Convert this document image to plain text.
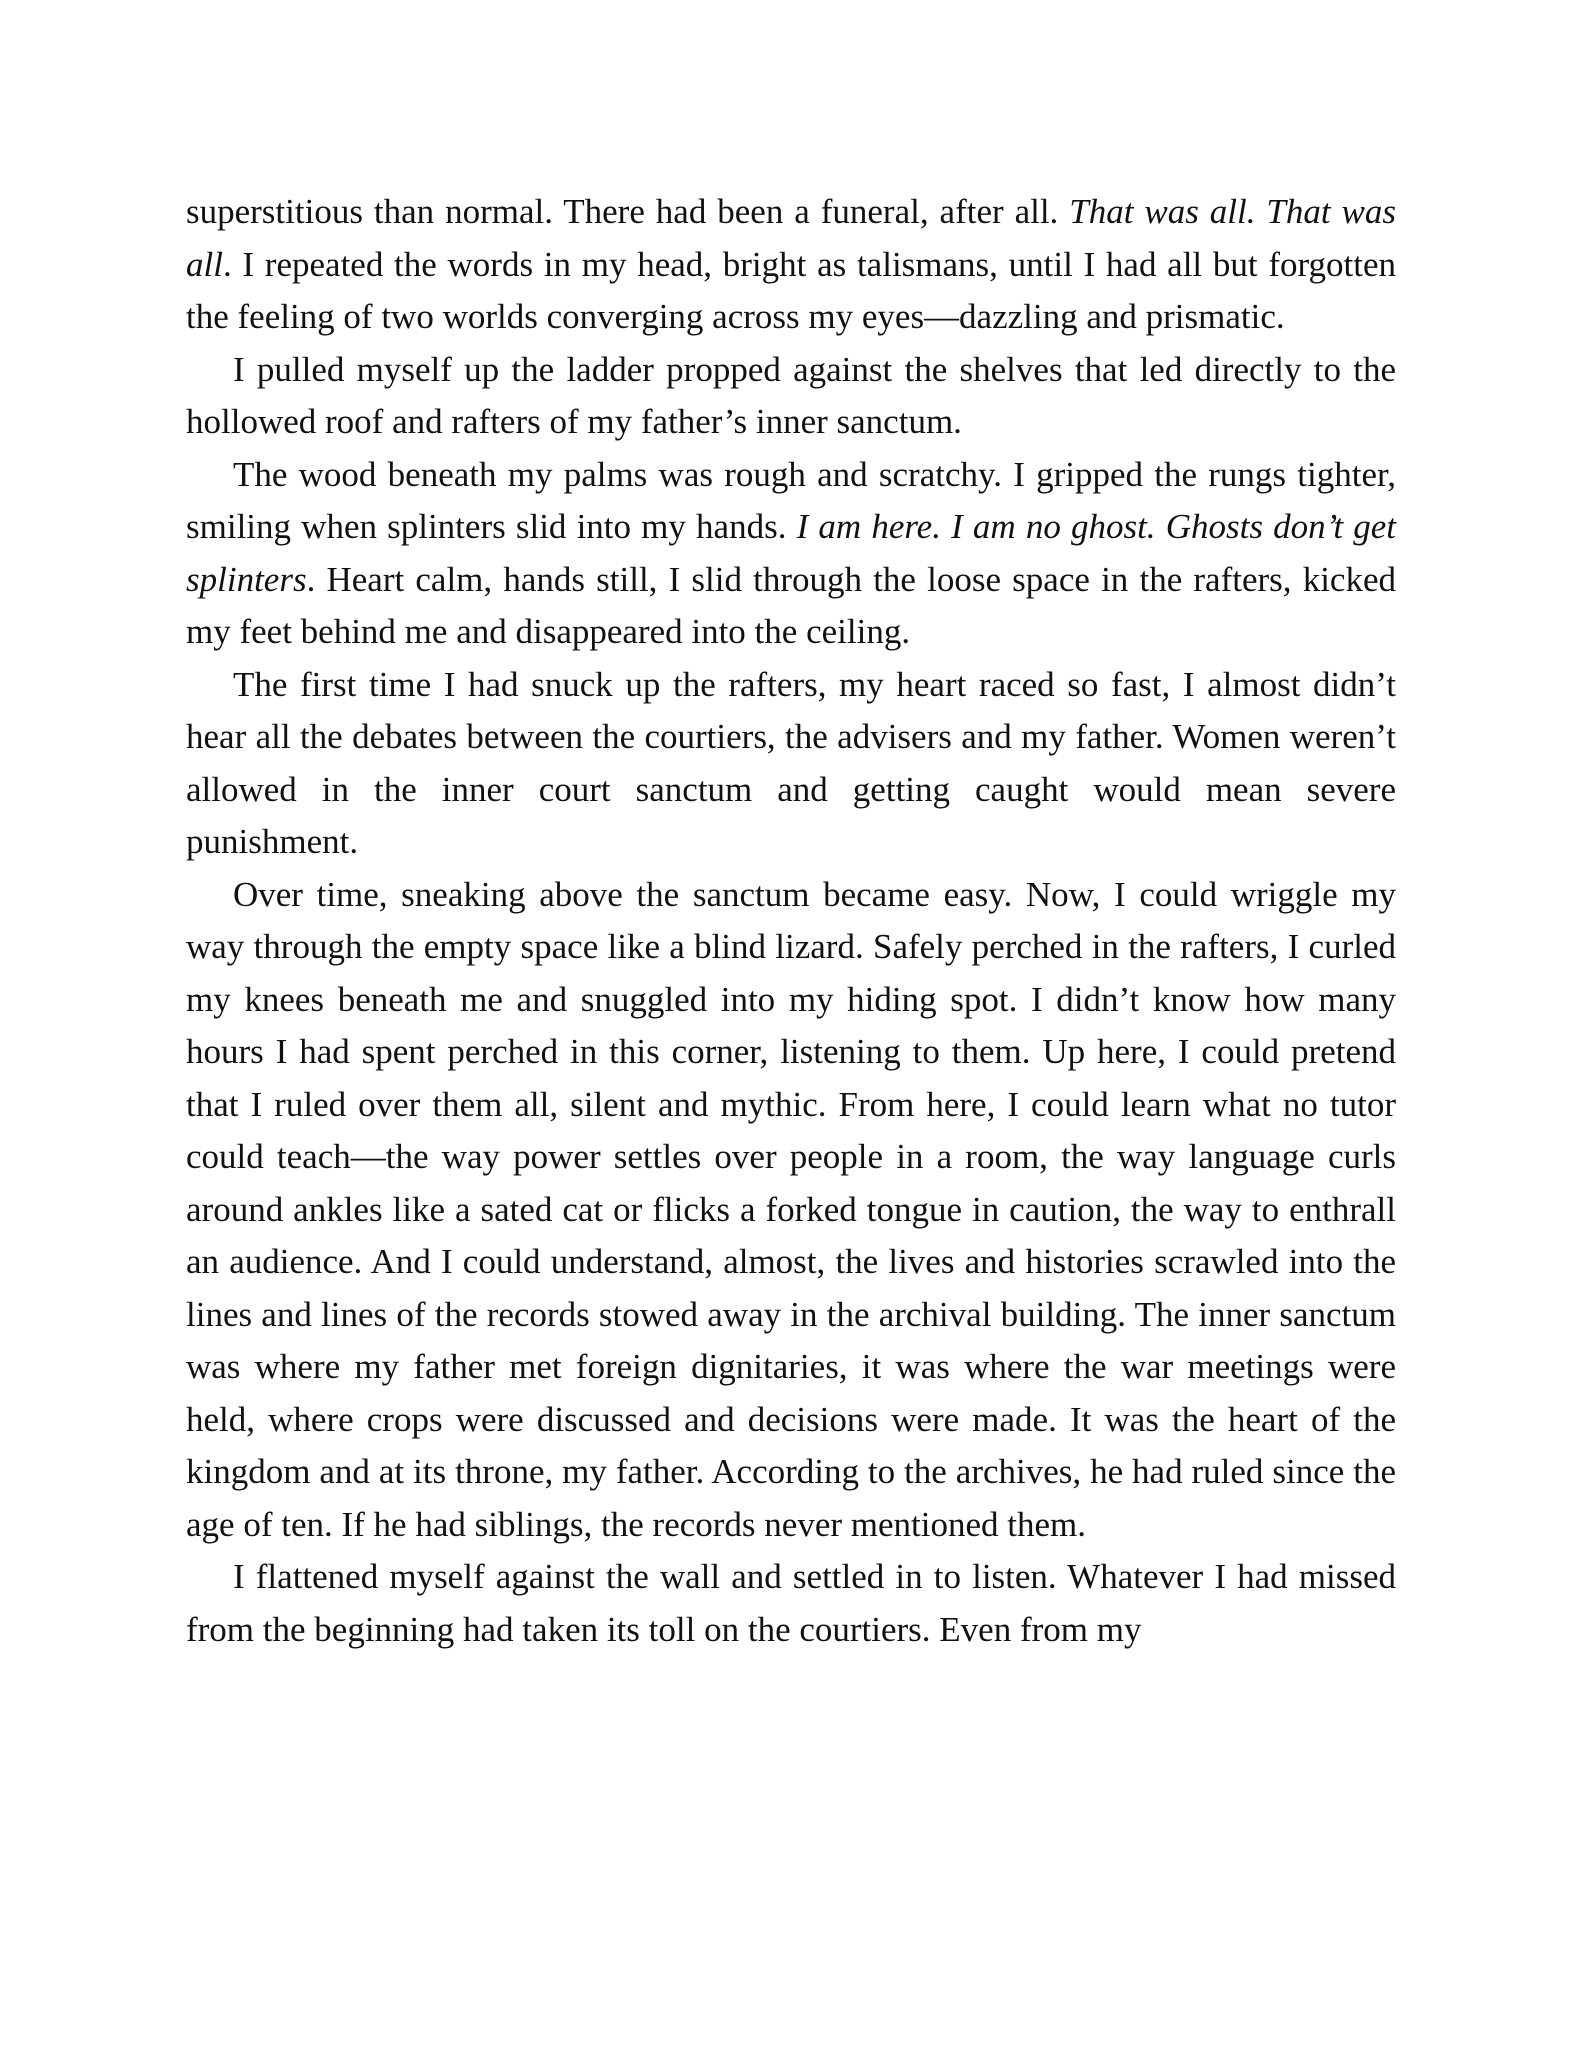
superstitious than normal. There had been a funeral, after all. That was all. That was all. I repeated the words in my head, bright as talismans, until I had all but forgotten the feeling of two worlds converging across my eyes—dazzling and prismatic.

I pulled myself up the ladder propped against the shelves that led directly to the hollowed roof and rafters of my father’s inner sanctum.

The wood beneath my palms was rough and scratchy. I gripped the rungs tighter, smiling when splinters slid into my hands. I am here. I am no ghost. Ghosts don’t get splinters. Heart calm, hands still, I slid through the loose space in the rafters, kicked my feet behind me and disappeared into the ceiling.

The first time I had snuck up the rafters, my heart raced so fast, I almost didn’t hear all the debates between the courtiers, the advisers and my father. Women weren’t allowed in the inner court sanctum and getting caught would mean severe punishment.

Over time, sneaking above the sanctum became easy. Now, I could wriggle my way through the empty space like a blind lizard. Safely perched in the rafters, I curled my knees beneath me and snuggled into my hiding spot. I didn’t know how many hours I had spent perched in this corner, listening to them. Up here, I could pretend that I ruled over them all, silent and mythic. From here, I could learn what no tutor could teach—the way power settles over people in a room, the way language curls around ankles like a sated cat or flicks a forked tongue in caution, the way to enthrall an audience. And I could understand, almost, the lives and histories scrawled into the lines and lines of the records stowed away in the archival building. The inner sanctum was where my father met foreign dignitaries, it was where the war meetings were held, where crops were discussed and decisions were made. It was the heart of the kingdom and at its throne, my father. According to the archives, he had ruled since the age of ten. If he had siblings, the records never mentioned them.

I flattened myself against the wall and settled in to listen. Whatever I had missed from the beginning had taken its toll on the courtiers. Even from my
